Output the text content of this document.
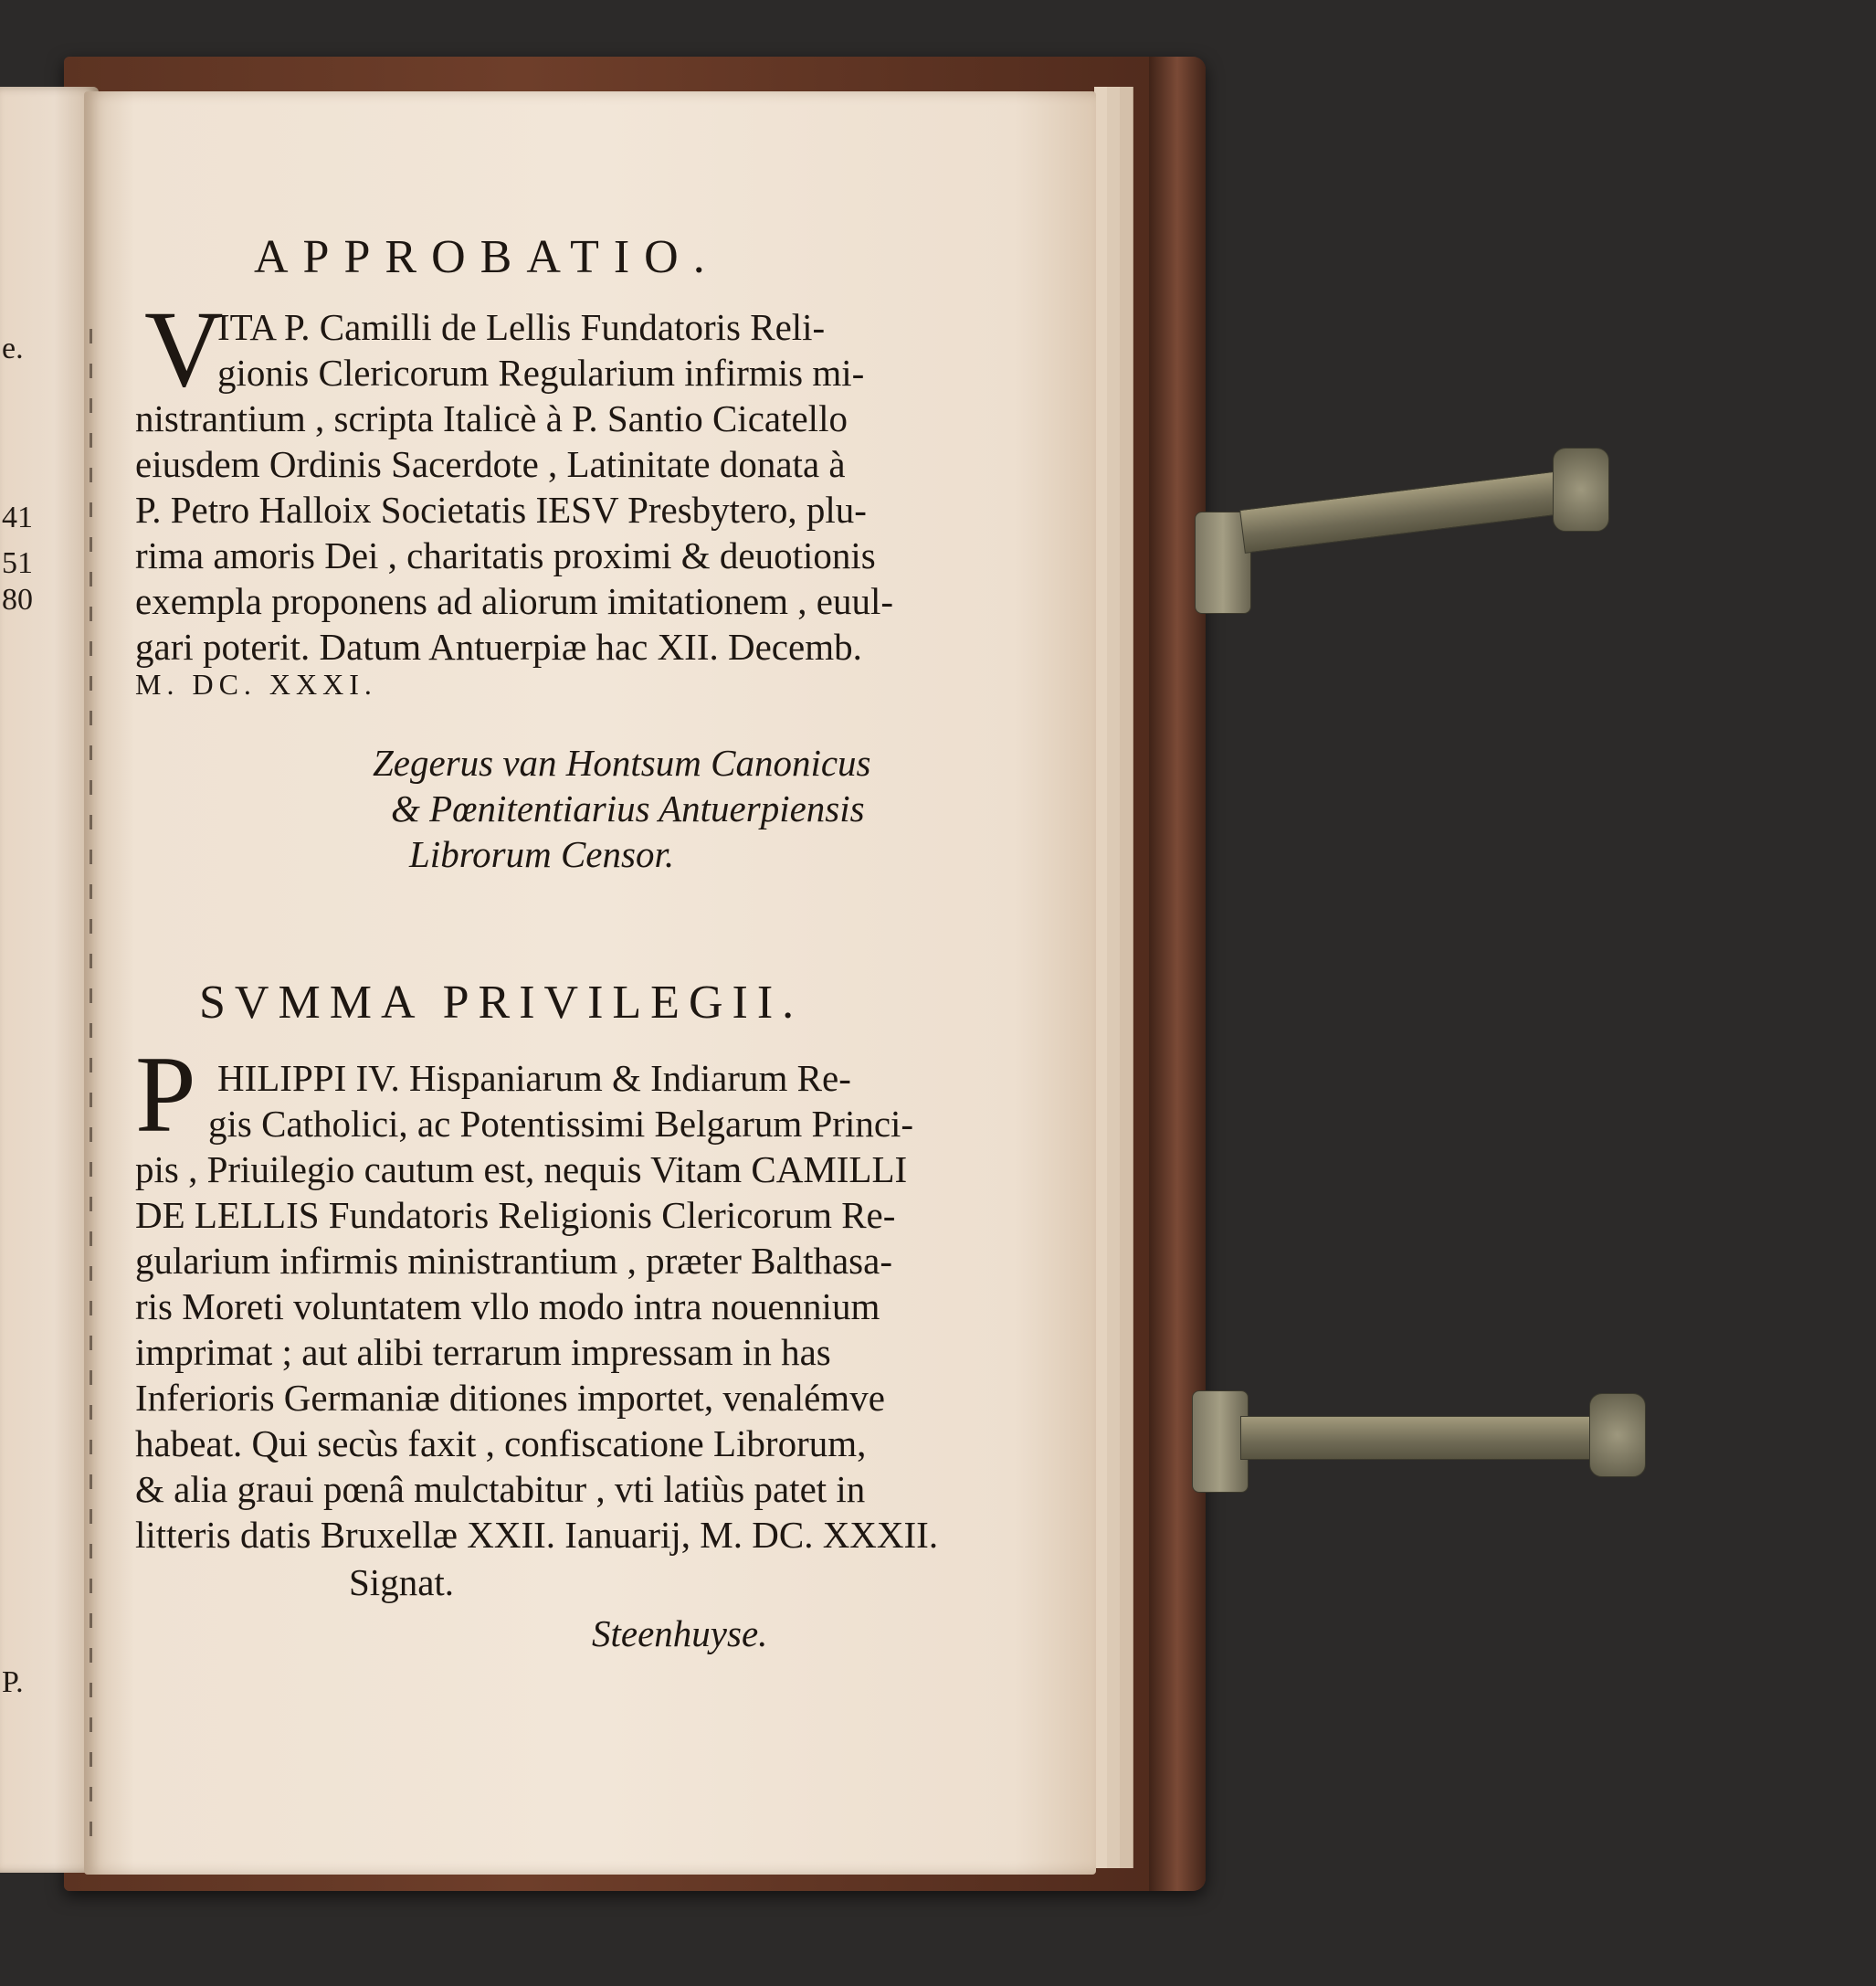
e.
41
51
80
P.
APPROBATIO.
V
ITA P. Camilli de Lellis Fundatoris Reli-
gionis Clericorum Regularium infirmis mi-
nistrantium , scripta Italicè à P. Santio Cicatello
eiusdem Ordinis Sacerdote , Latinitate donata à
P. Petro Halloix Societatis IESV Presbytero, plu-
rima amoris Dei , charitatis proximi & deuotionis
exempla proponens ad aliorum imitationem , euul-
gari poterit. Datum Antuerpiæ hac XII. Decemb.
M. DC. XXXI.
Zegerus van Hontsum Canonicus
& Pœnitentiarius Antuerpiensis
Librorum Censor.
SVMMA PRIVILEGII.
P HILIPPI IV. Hispaniarum & Indiarum Re-
gis Catholici, ac Potentissimi Belgarum Princi-
pis , Priuilegio cautum est, nequis Vitam CAMILLI
DE LELLIS Fundatoris Religionis Clericorum Re-
gularium infirmis ministrantium , præter Balthasa-
ris Moreti voluntatem vllo modo intra nouennium
imprimat ; aut alibi terrarum impressam in has
Inferioris Germaniæ ditiones importet, venalémve
habeat. Qui secùs faxit , confiscatione Librorum,
& alia graui pœnâ mulctabitur , vti latiùs patet in
litteris datis Bruxellæ XXII. Ianuarij, M. DC. XXXII.
Signat.
Steenhuyse.
